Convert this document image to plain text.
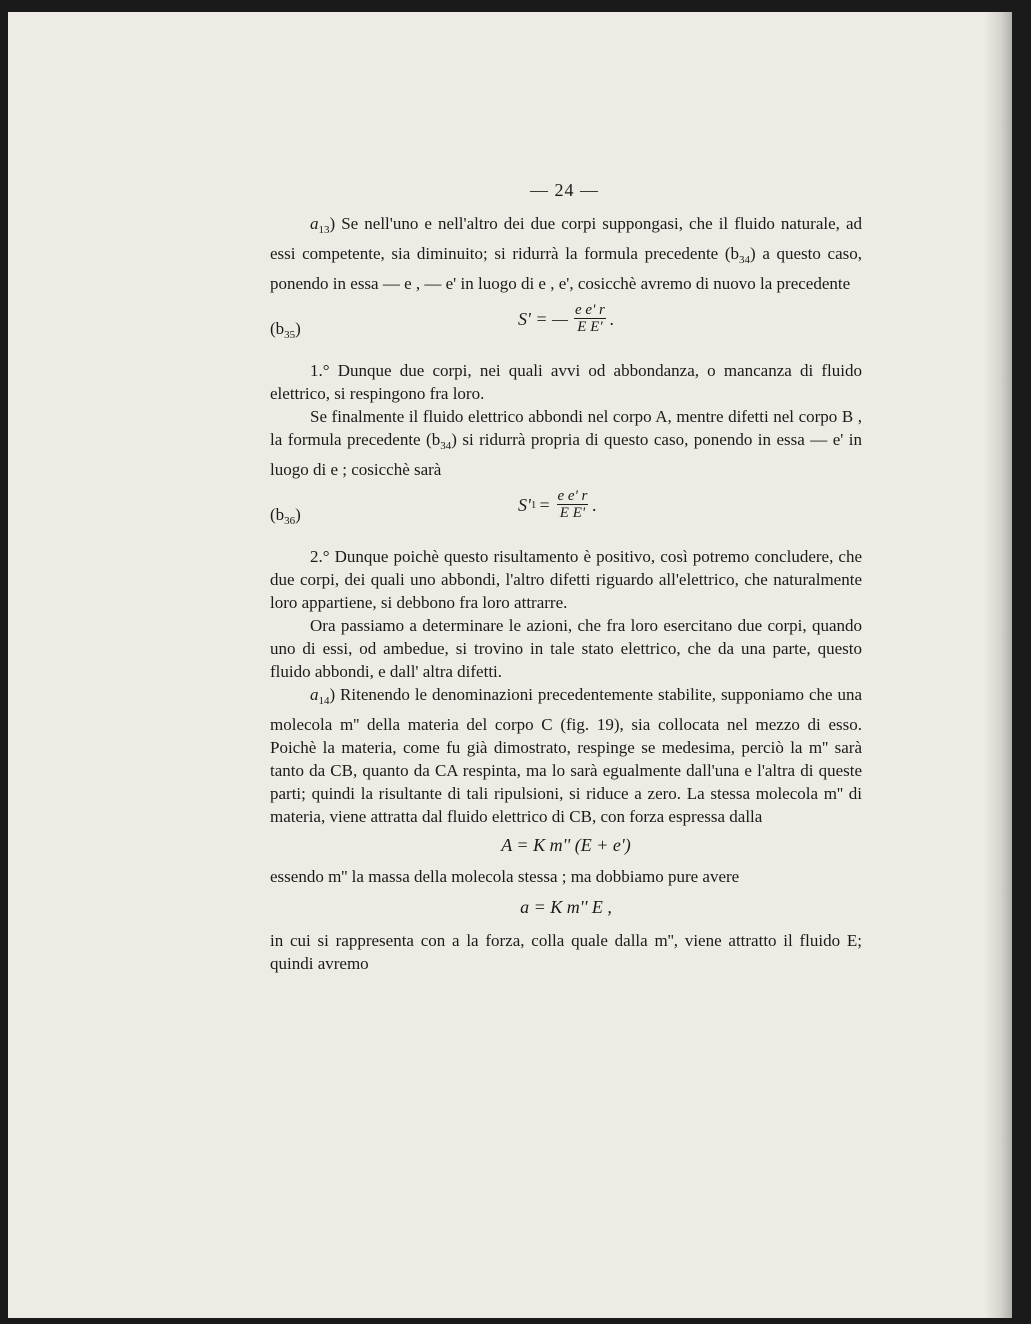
— 24 —

$a_{13}$) Se nell'uno e nell'altro dei due corpi suppongasi, che il fluido naturale, ad essi competente, sia diminuito; si ridurrà la formula precedente $(b_{34})$ a questo caso, ponendo in essa — e , — e' in luogo di e , e', cosicchè avremo di nuovo la precedente

$(b_{35})$	S' = — $\frac{\text{e e' r}}{\text{E E'}}$ .

1.° Dunque due corpi, nei quali avvi od abbondanza, o mancanza di fluido elettrico, si respingono fra loro.

Se finalmente il fluido elettrico abbondi nel corpo A, mentre difetti nel corpo B , la formula precedente $(b_{34})$ si ridurrà propria di questo caso, ponendo in essa — e' in luogo di e ; cosicchè sarà

$(b_{36})$	S' $1 = \frac{\text{e e' r}}{\text{E E'}}$ .

2.° Dunque poichè questo risultamento è positivo, così potremo concludere, che due corpi, dei quali uno abbondi, l'altro difetti riguardo all'elettrico, che naturalmente loro appartiene, si debbono fra loro attrarre.

Ora passiamo a determinare le azioni, che fra loro esercitano due corpi, quando uno di essi, od ambedue, si trovino in tale stato elettrico, che da una parte, questo fluido abbondi, e dall' altra difetti.

$a_{14}$) Ritenendo le denominazioni precedentemente stabilite, supponiamo che una molecola m'' della materia del corpo C (fig. 19), sia collocata nel mezzo di esso. Poichè la materia, come fu già dimostrato, respinge se medesima, perciò la m'' sarà tanto da CB, quanto da CA respinta, ma lo sarà egualmente dall'una e l'altra di queste parti; quindi la risultante di tali ripulsioni, si riduce a zero. La stessa molecola m'' di materia, viene attratta dal fluido elettrico di CB, con forza espressa dalla

A = K m'' (E + e')

essendo m'' la massa della molecola stessa ; ma dobbiamo pure avere

a = K m'' E ,

in cui si rappresenta con a la forza, colla quale dalla m'', viene attratto il fluido E; quindi avremo
